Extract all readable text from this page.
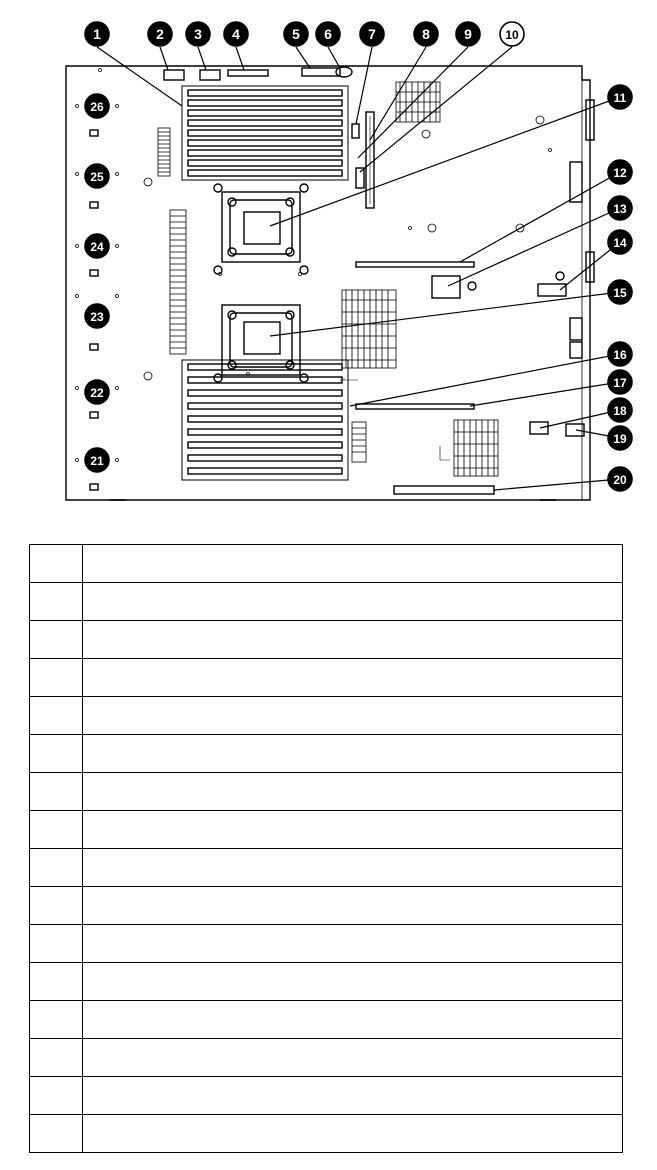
1	2 3 4	5 6	7	8 9	10
11
12
13
14
15
16
17
18
19
20
21
22
23
24
25
26
